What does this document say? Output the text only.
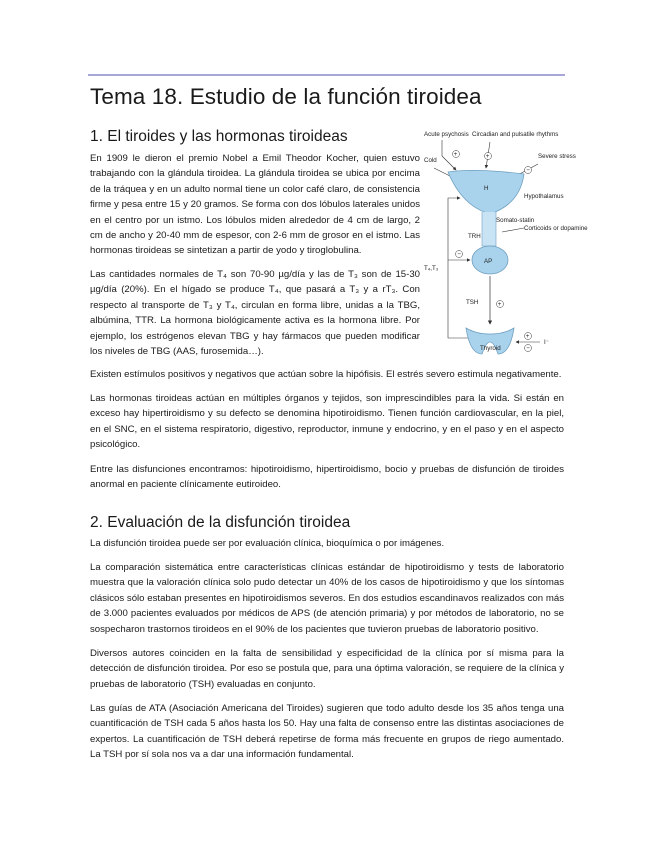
Tema 18. Estudio de la función tiroidea
1. El tiroides y las hormonas tiroideas

En 1909 le dieron el premio Nobel a Emil Theodor Kocher, quien estuvo trabajando con la glándula tiroidea. La glándula tiroidea se ubica por encima de la tráquea y en un adulto normal tiene un color café claro, de consistencia firme y pesa entre 15 y 20 gramos. Se forma con dos lóbulos laterales unidos en el centro por un istmo. Los lóbulos miden alrededor de 4 cm de largo, 2 cm de ancho y 20-40 mm de espesor, con 2-6 mm de grosor en el istmo. Las hormonas tiroideas se sintetizan a partir de yodo y tiroglobulina.

Las cantidades normales de T₄ son 70-90 µg/día y las de T₃ son de 15-30 µg/día (20%). En el hígado se produce T₄, que pasará a T₃ y a rT₃. Con respecto al transporte de T₃ y T₄, circulan en forma libre, unidas a la TBG, albúmina, TTR. La hormona biológicamente activa es la hormona libre. Por ejemplo, los estrógenos elevan TBG y hay fármacos que pueden modificar los niveles de TBG (AAS, furosemida…).

Existen estímulos positivos y negativos que actúan sobre la hipófisis. El estrés severo estimula negativamente.

Las hormonas tiroideas actúan en múltiples órganos y tejidos, son imprescindibles para la vida. Si están en exceso hay hipertiroidismo y su defecto se denomina hipotiroidismo. Tienen función cardiovascular, en la piel, en el SNC, en el sistema respiratorio, digestivo, reproductor, inmune y endocrino, y en el paso y en el aspecto psicológico.

Entre las disfunciones encontramos: hipotiroidismo, hipertiroidismo, bocio y pruebas de disfunción de tiroides anormal en paciente clínicamente eutiroideo.

2. Evaluación de la disfunción tiroidea

La disfunción tiroidea puede ser por evaluación clínica, bioquímica o por imágenes.

La comparación sistemática entre características clínicas estándar de hipotiroidismo y tests de laboratorio muestra que la valoración clínica solo pudo detectar un 40% de los casos de hipotiroidismo y que los síntomas clásicos sólo estaban presentes en hipotiroidismos severos. En dos estudios escandinavos realizados con más de 3.000 pacientes evaluados por médicos de APS (de atención primaria) y por métodos de laboratorio, no se sospecharon trastornos tiroideos en el 90% de los pacientes que tuvieron pruebas de laboratorio positivo.

Diversos autores coinciden en la falta de sensibilidad y especificidad de la clínica por sí misma para la detección de disfunción tiroidea. Por eso se postula que, para una óptima valoración, se requiere de la clínica y pruebas de laboratorio (TSH) evaluadas en conjunto.

Las guías de ATA (Asociación Americana del Tiroides) sugieren que todo adulto desde los 35 años tenga una cuantificación de TSH cada 5 años hasta los 50. Hay una falta de consenso entre las distintas asociaciones de expertos. La cuantificación de TSH deberá repetirse de forma más frecuente en grupos de riego aumentado. La TSH por sí sola nos va a dar una información fundamental.

Acute psychosis Circadian and pulsatile rhythms
Cold
Severe stress
H
Hypothalamus
+	+
−
Somato-statin
Corticoids or dopamine
TRH
AP
T₄,T₃
−
TSH	+
Thyroid
I⁻
+
−
